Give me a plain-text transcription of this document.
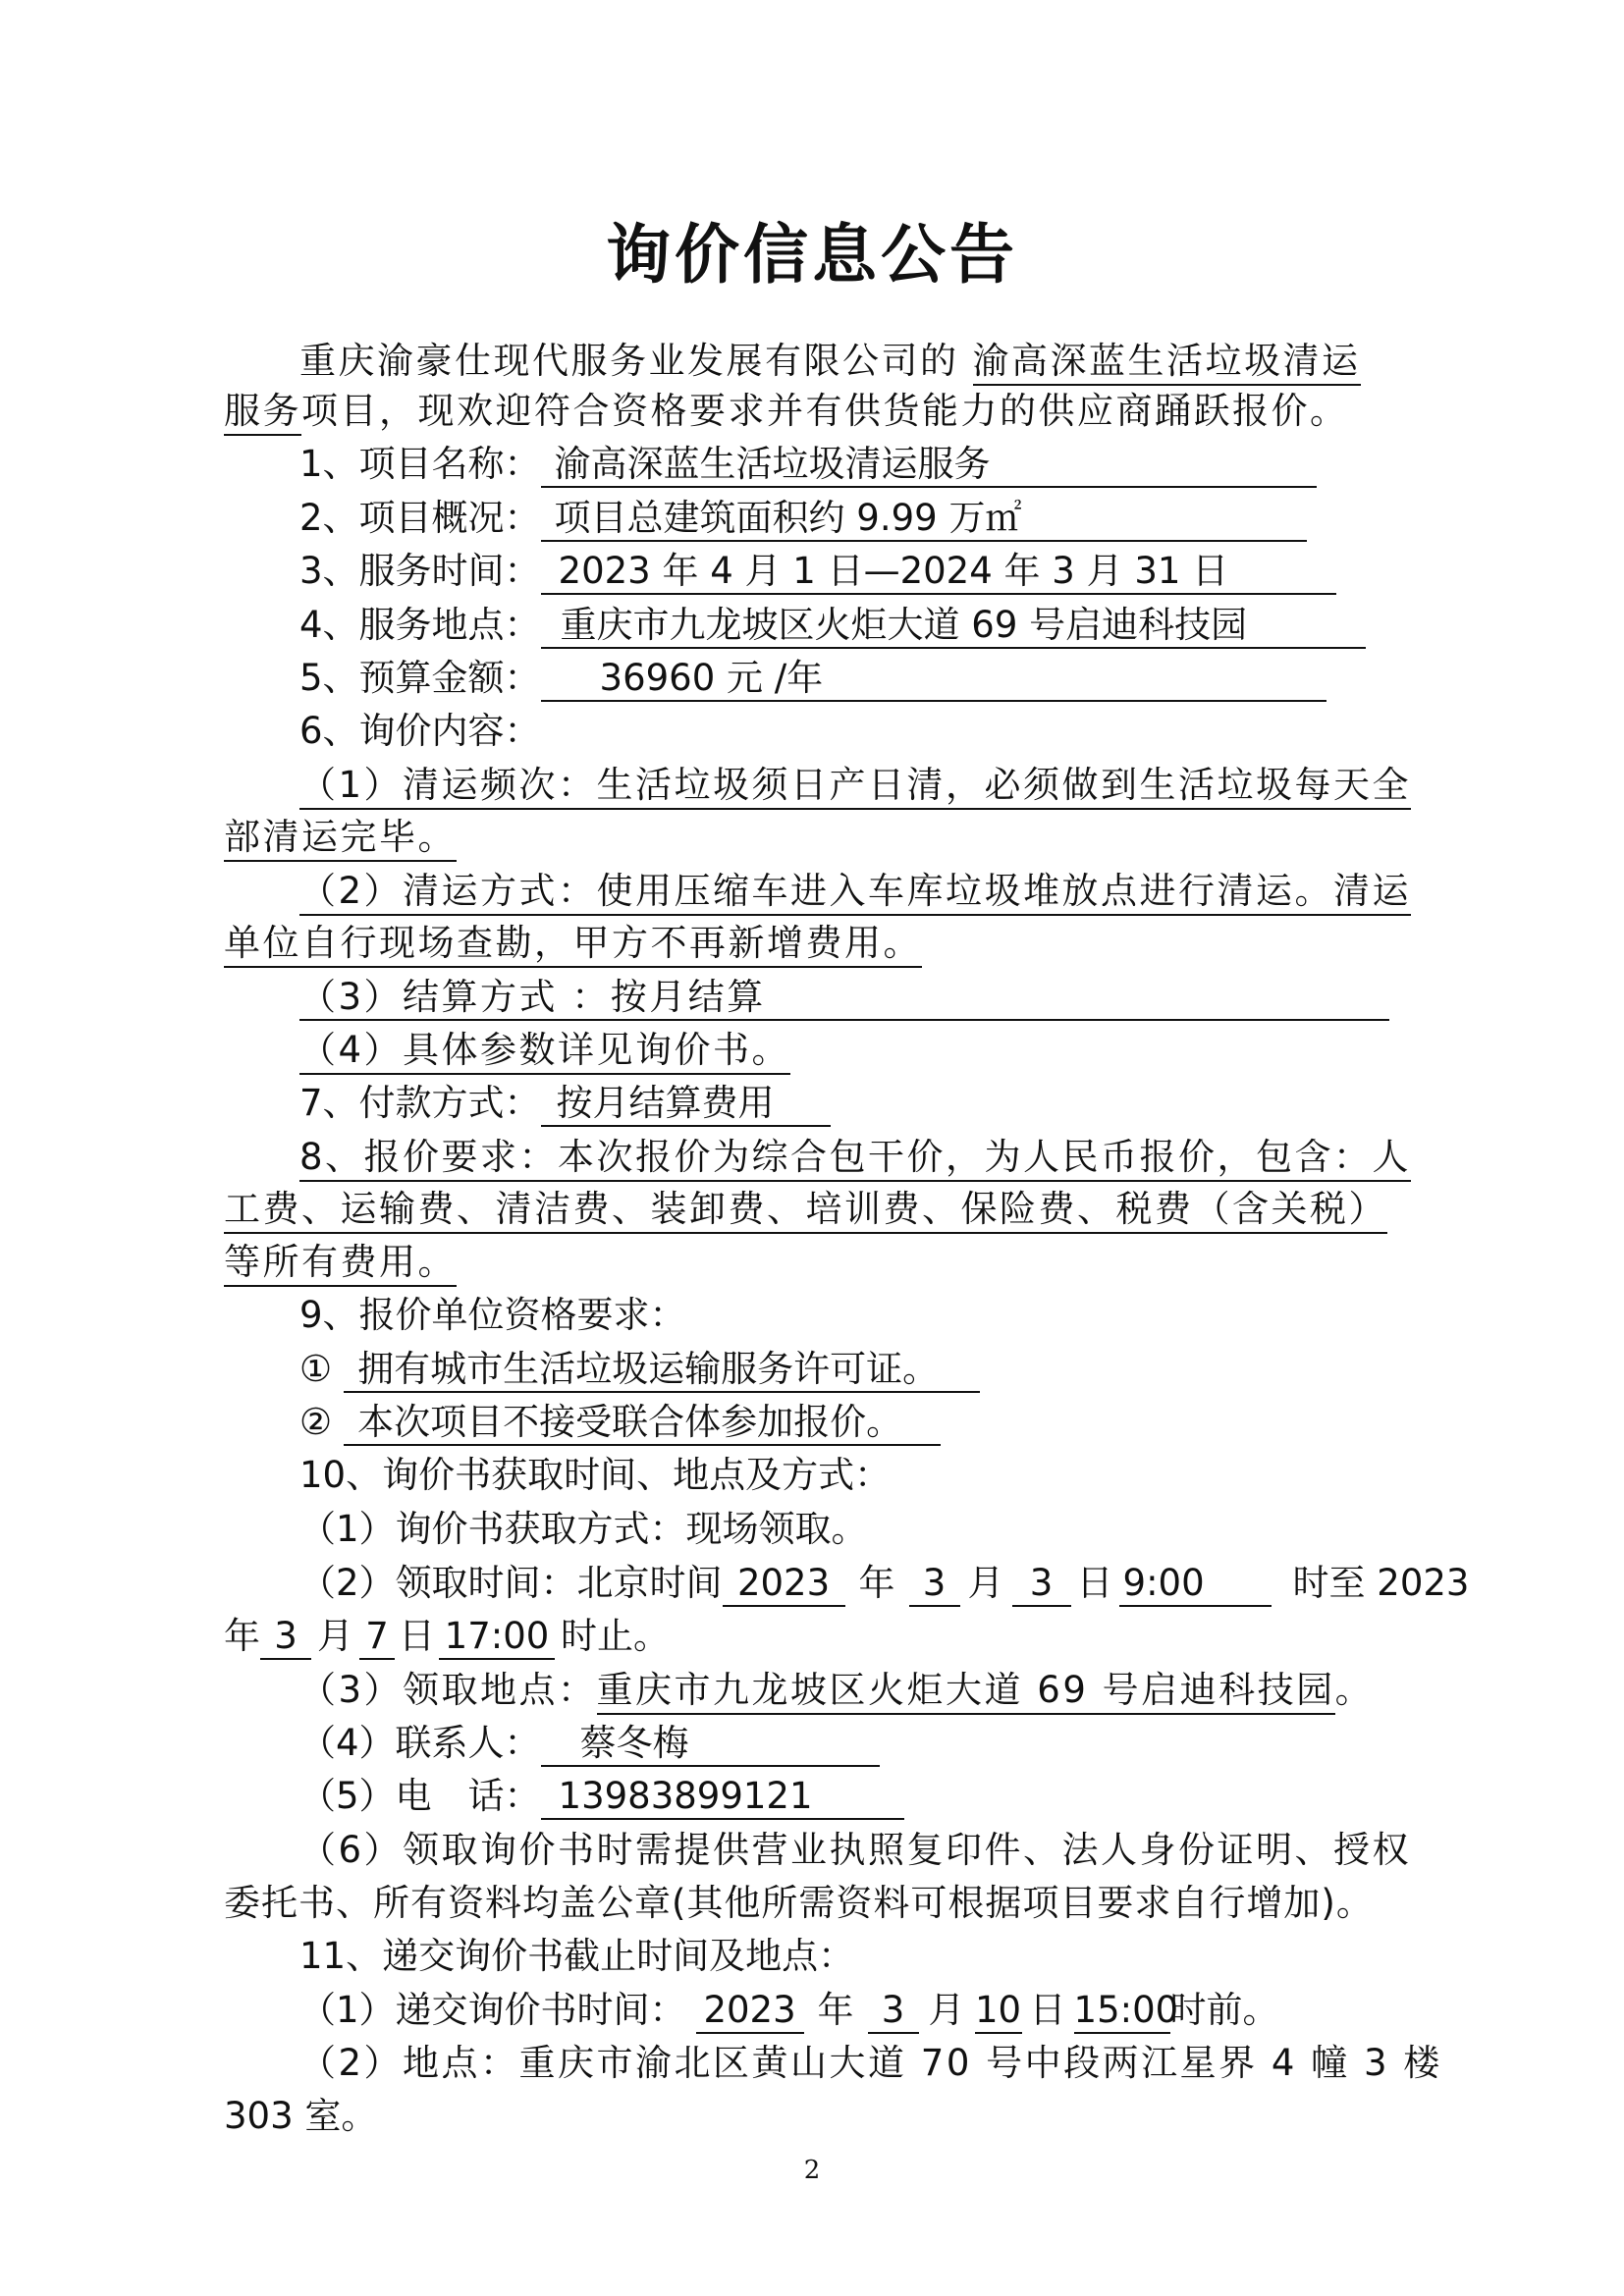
询价信息公告
重庆渝豪仕现代服务业发展有限公司的 渝高深蓝生活垃圾清运
服务项目，现欢迎符合资格要求并有供货能力的供应商踊跃报价。
1、项目名称： 渝高深蓝生活垃圾清运服务
2、项目概况： 项目总建筑面积约 9.99 万㎡
3、服务时间： 2023 年 4 月 1 日—2024 年 3 月 31 日
4、服务地点： 重庆市九龙坡区火炬大道 69 号启迪科技园
5、预算金额： 36960 元 /年
6、询价内容：
（1）清运频次：生活垃圾须日产日清，必须做到生活垃圾每天全
部清运完毕。
（2）清运方式：使用压缩车进入车库垃圾堆放点进行清运。清运
单位自行现场查勘，甲方不再新增费用。
（3）结算方式 ：按月结算
（4）具体参数详见询价书。
7、付款方式： 按月结算费用
8、报价要求：本次报价为综合包干价，为人民币报价，包含：人
工费、运输费、清洁费、装卸费、培训费、保险费、税费（含关税）
等所有费用。
9、报价单位资格要求：
① 拥有城市生活垃圾运输服务许可证。
② 本次项目不接受联合体参加报价。
10、询价书获取时间、地点及方式：
（1）询价书获取方式：现场领取。
（2）领取时间：北京时间 2023 年 3 月 3 日 9:00 时至 2023
年 3 月 7 日 17:00 时止。
（3）领取地点：重庆市九龙坡区火炬大道 69 号启迪科技园。
（4）联系人： 蔡冬梅
（5）电　话： 13983899121
（6）领取询价书时需提供营业执照复印件、法人身份证明、授权
委托书、所有资料均盖公章(其他所需资料可根据项目要求自行增加)。
11、递交询价书截止时间及地点：
（1）递交询价书时间： 2023 年 3 月 10 日 15:00时前。
（2）地点：重庆市渝北区黄山大道 70 号中段两江星界 4 幢 3 楼
303 室。
2
